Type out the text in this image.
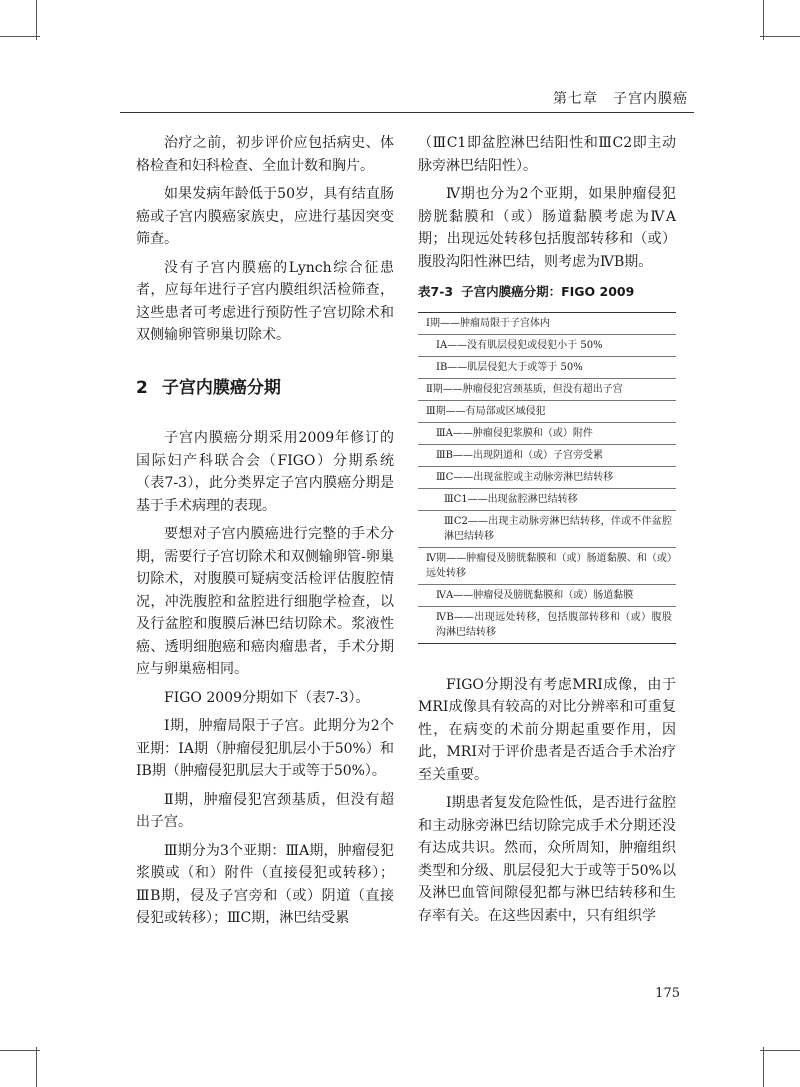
第七章　子宫内膜癌

治疗之前，初步评价应包括病史、体格检查和妇科检查、全血计数和胸片。

如果发病年龄低于50岁，具有结直肠癌或子宫内膜癌家族史，应进行基因突变筛查。

没有子宫内膜癌的Lynch综合征患者，应每年进行子宫内膜组织活检筛查，这些患者可考虑进行预防性子宫切除术和双侧输卵管卵巢切除术。

2 子宫内膜癌分期

子宫内膜癌分期采用2009年修订的国际妇产科联合会（FIGO）分期系统（表7-3），此分类界定子宫内膜癌分期是基于手术病理的表现。

要想对子宫内膜癌进行完整的手术分期，需要行子宫切除术和双侧输卵管-卵巢切除术，对腹膜可疑病变活检评估腹腔情况，冲洗腹腔和盆腔进行细胞学检查，以及行盆腔和腹膜后淋巴结切除术。浆液性癌、透明细胞癌和癌肉瘤患者，手术分期应与卵巢癌相同。

FIGO 2009分期如下（表7-3）。

Ⅰ期，肿瘤局限于子宫。此期分为2个亚期：ⅠA期（肿瘤侵犯肌层小于50%）和ⅠB期（肿瘤侵犯肌层大于或等于50%）。

Ⅱ期，肿瘤侵犯宫颈基质，但没有超出子宫。

Ⅲ期分为3个亚期：ⅢA期，肿瘤侵犯浆膜或（和）附件（直接侵犯或转移）；ⅢB期，侵及子宫旁和（或）阴道（直接侵犯或转移）；ⅢC期，淋巴结受累

（ⅢC1即盆腔淋巴结阳性和ⅢC2即主动脉旁淋巴结阳性）。

Ⅳ期也分为2个亚期，如果肿瘤侵犯膀胱黏膜和（或）肠道黏膜考虑为ⅣA期；出现远处转移包括腹部转移和（或）腹股沟阳性淋巴结，则考虑为ⅣB期。

表7-3 子宫内膜癌分期：FIGO 2009
Ⅰ期——肿瘤局限于子宫体内
ⅠA——没有肌层侵犯或侵犯小于 50%
ⅠB——肌层侵犯大于或等于 50%
Ⅱ期——肿瘤侵犯宫颈基质，但没有超出子宫
Ⅲ期——有局部或区域侵犯
ⅢA——肿瘤侵犯浆膜和（或）附件
ⅢB——出现阴道和（或）子宫旁受累
ⅢC——出现盆腔或主动脉旁淋巴结转移
ⅢC1——出现盆腔淋巴结转移
ⅢC2——出现主动脉旁淋巴结转移，伴或不伴盆腔淋巴结转移
Ⅳ期——肿瘤侵及膀胱黏膜和（或）肠道黏膜、和（或）远处转移
ⅣA——肿瘤侵及膀胱黏膜和（或）肠道黏膜
ⅣB——出现远处转移，包括腹部转移和（或）腹股沟淋巴结转移

FIGO分期没有考虑MRI成像，由于MRI成像具有较高的对比分辨率和可重复性，在病变的术前分期起重要作用，因此，MRI对于评价患者是否适合手术治疗至关重要。

Ⅰ期患者复发危险性低，是否进行盆腔和主动脉旁淋巴结切除完成手术分期还没有达成共识。然而，众所周知，肿瘤组织类型和分级、肌层侵犯大于或等于50%以及淋巴血管间隙侵犯都与淋巴结转移和生存率有关。在这些因素中，只有组织学

175
